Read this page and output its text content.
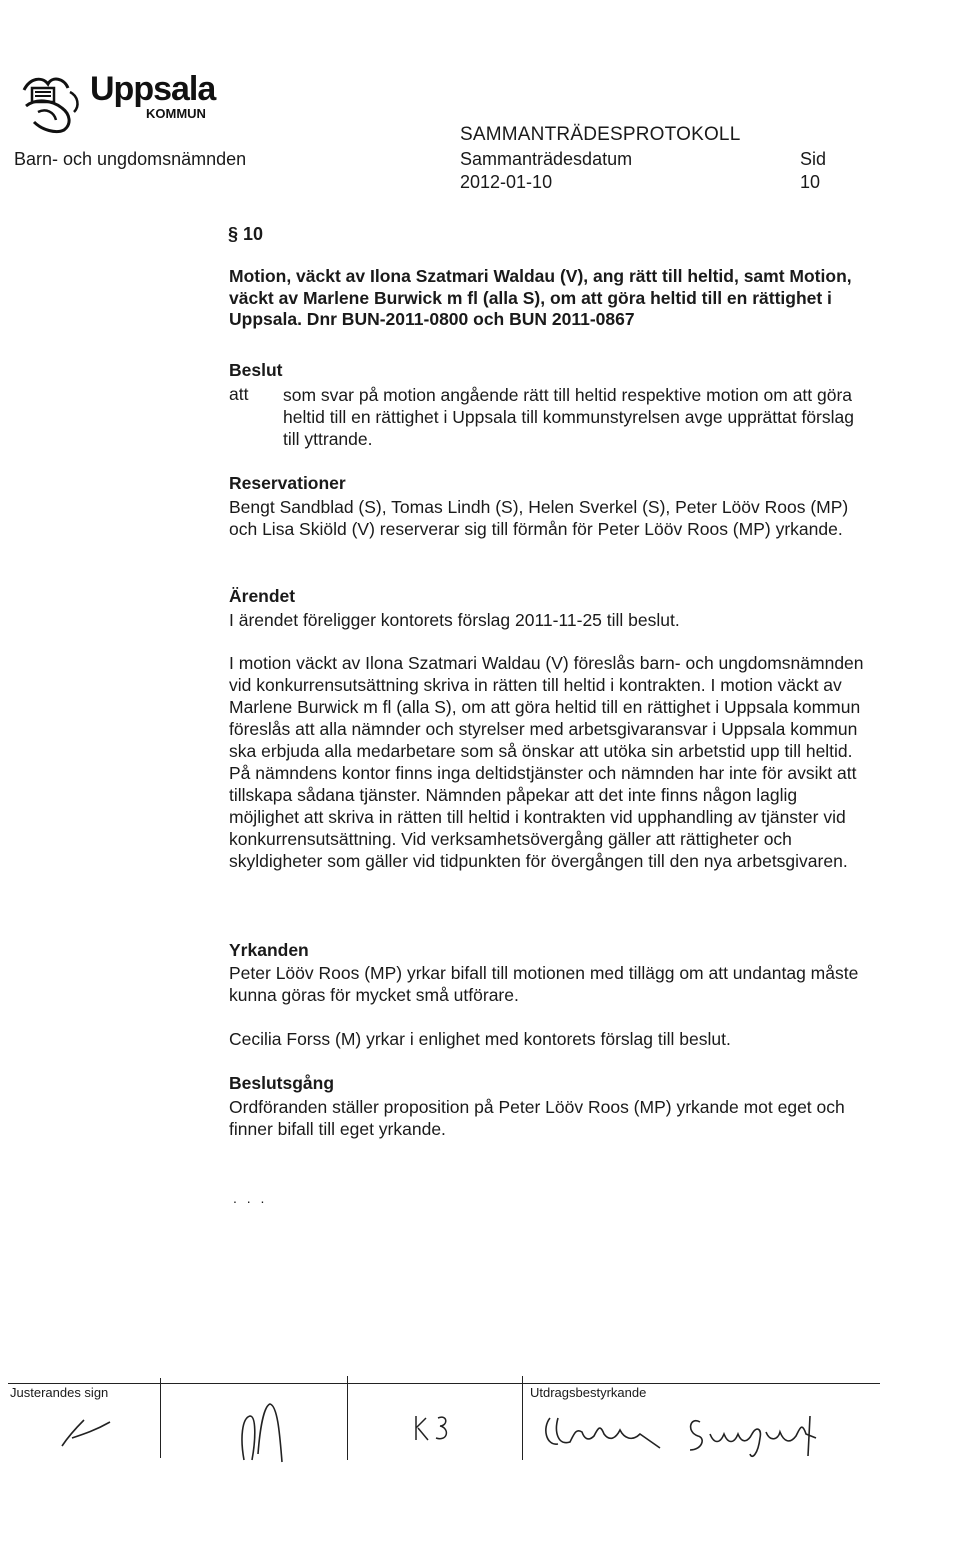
Uppsala
KOMMUN
SAMMANTRÄDESPROTOKOLL
Barn- och ungdomsnämnden	Sammanträdesdatum	Sid
2012-01-10	10
§ 10
Motion, väckt av Ilona Szatmari Waldau (V), ang rätt till heltid, samt Motion, väckt av Marlene Burwick m fl (alla S), om att göra heltid till en rättighet i Uppsala. Dnr BUN-2011-0800 och BUN 2011-0867
Beslut
att som svar på motion angående rätt till heltid respektive motion om att göra heltid till en rättighet i Uppsala till kommunstyrelsen avge upprättat förslag till yttrande.
Reservationer
Bengt Sandblad (S), Tomas Lindh (S), Helen Sverkel (S), Peter Lööv Roos (MP) och Lisa Skiöld (V) reserverar sig till förmån för Peter Lööv Roos (MP) yrkande.
Ärendet
I ärendet föreligger kontorets förslag 2011-11-25 till beslut.
I motion väckt av Ilona Szatmari Waldau (V) föreslås barn- och ungdomsnämnden vid konkurrensutsättning skriva in rätten till heltid i kontrakten. I motion väckt av Marlene Burwick m fl (alla S), om att göra heltid till en rättighet i Uppsala kommun föreslås att alla nämnder och styrelser med arbetsgivaransvar i Uppsala kommun ska erbjuda alla medarbetare som så önskar att utöka sin arbetstid upp till heltid. På nämndens kontor finns inga deltidstjänster och nämnden har inte för avsikt att tillskapa sådana tjänster. Nämnden påpekar att det inte finns någon laglig möjlighet att skriva in rätten till heltid i kontrakten vid upphandling av tjänster vid konkurrensutsättning. Vid verksamhetsövergång gäller att rättigheter och skyldigheter som gäller vid tidpunkten för övergången till den nya arbetsgivaren.
Yrkanden
Peter Lööv Roos (MP) yrkar bifall till motionen med tillägg om att undantag måste kunna göras för mycket små utförare.
Cecilia Forss (M) yrkar i enlighet med kontorets förslag till beslut.
Beslutsgång
Ordföranden ställer proposition på Peter Lööv Roos (MP) yrkande mot eget och finner bifall till eget yrkande.
. . .
Justerandes sign	Utdragsbestyrkande
